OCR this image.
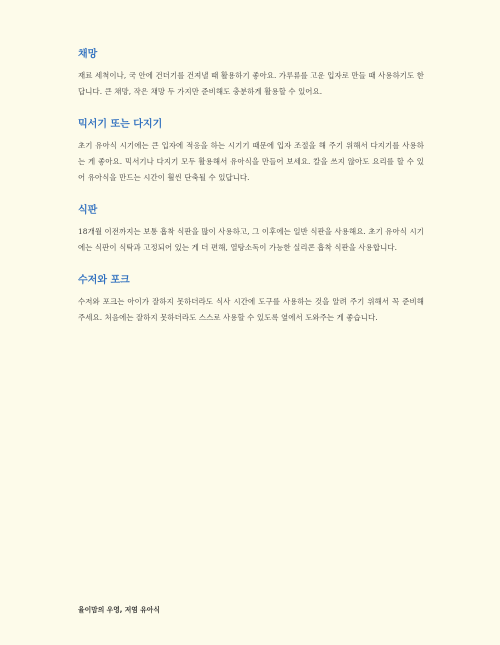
채망

재료 세척이나, 국 안에 건더기를 건져낼 때 활용하기 좋아요. 가루류를 고운 입자로 만들 때 사용하기도 한답니다. 큰 채망, 작은 채망 두 가지만 준비해도 충분하게 활용할 수 있어요.

믹서기 또는 다지기

초기 유아식 시기에는 큰 입자에 적응을 하는 시기기 때문에 입자 조절을 해 주기 위해서 다지기를 사용하는 게 좋아요. 믹서기나 다지기 모두 활용해서 유아식을 만들어 보세요. 칼을 쓰지 않아도 요리를 할 수 있어 유아식을 만드는 시간이 훨씬 단축될 수 있답니다.

식판

18개월 이전까지는 보통 흡착 식판을 많이 사용하고, 그 이후에는 일반 식판을 사용해요. 초기 유아식 시기에는 식판이 식탁과 고정되어 있는 게 더 편해, 열탕소독이 가능한 실리콘 흡착 식판을 사용합니다.

수저와 포크

수저와 포크는 아이가 잘하지 못하더라도 식사 시간에 도구를 사용하는 것을 알려 주기 위해서 꼭 준비해 주세요. 처음에는 잘하지 못하더라도 스스로 사용할 수 있도록 옆에서 도와주는 게 좋습니다.

율이맘의 우영, 저염 유아식
